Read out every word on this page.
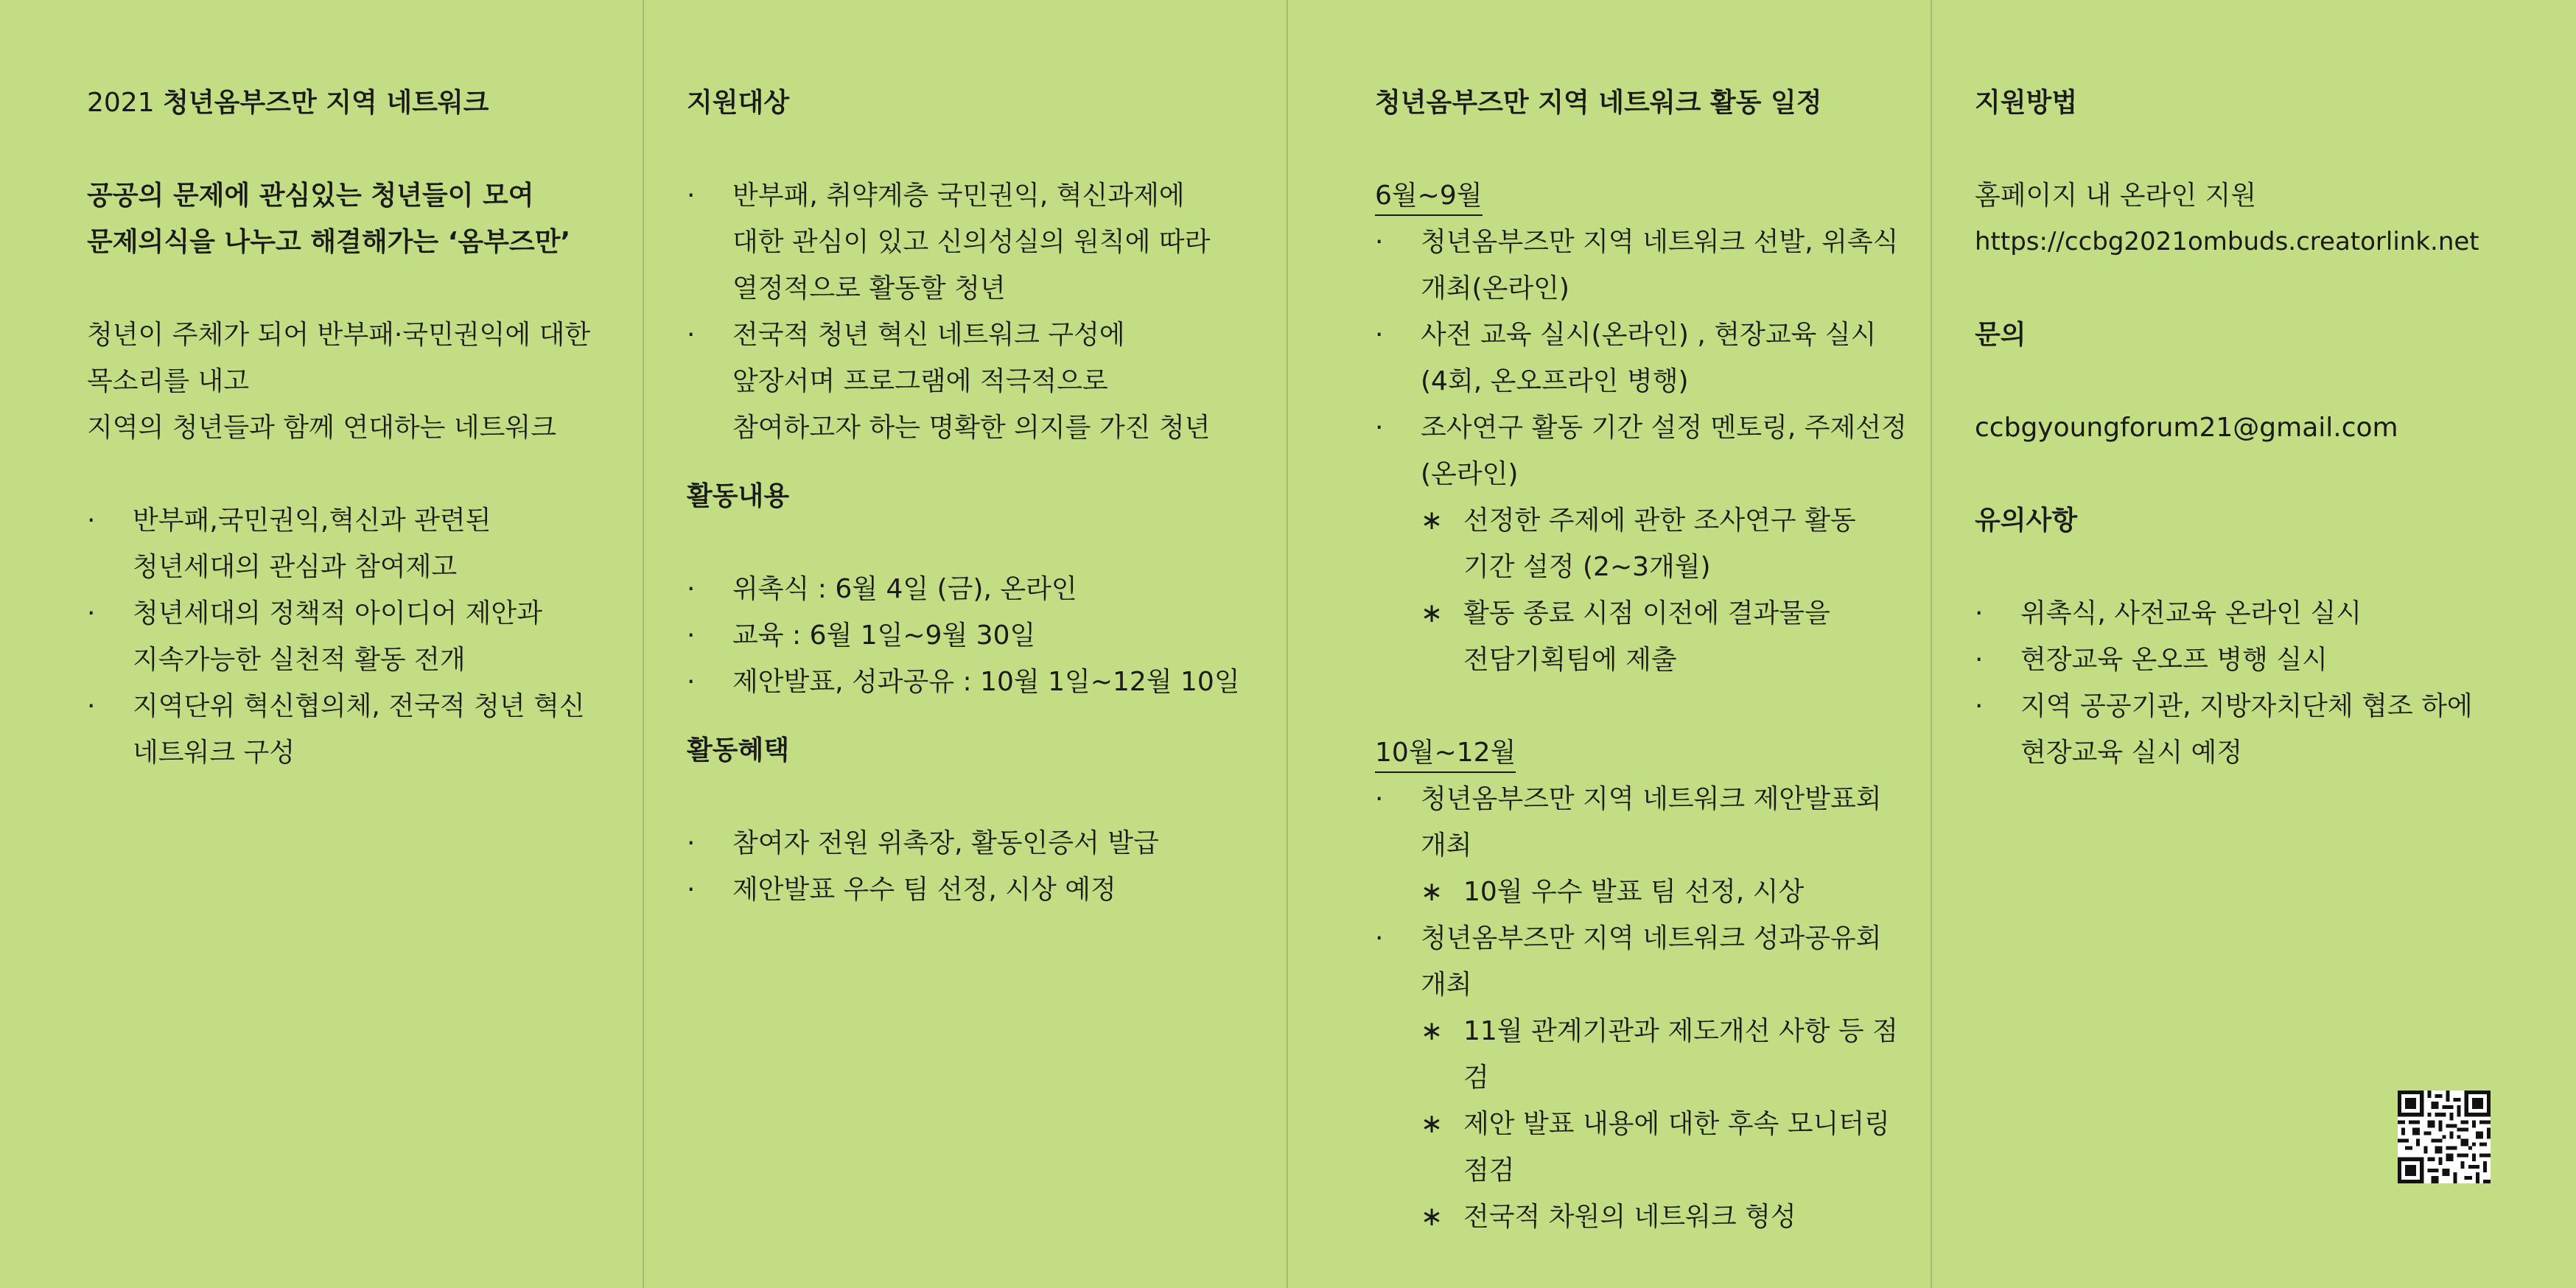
2021 청년옴부즈만 지역 네트워크

공공의 문제에 관심있는 청년들이 모여

문제의식을 나누고 해결해가는 ‘옴부즈만’

청년이 주체가 되어 반부패·국민권익에 대한

목소리를 내고

지역의 청년들과 함께 연대하는 네트워크

· 반부패,국민권익,혁신과 관련된

청년세대의 관심과 참여제고

· 청년세대의 정책적 아이디어 제안과

지속가능한 실천적 활동 전개

· 지역단위 혁신협의체, 전국적 청년 혁신

네트워크 구성

지원대상

· 반부패, 취약계층 국민권익, 혁신과제에

대한 관심이 있고 신의성실의 원칙에 따라

열정적으로 활동할 청년

· 전국적 청년 혁신 네트워크 구성에

앞장서며 프로그램에 적극적으로

참여하고자 하는 명확한 의지를 가진 청년

활동내용

· 위촉식 : 6월 4일 (금), 온라인

· 교육 : 6월 1일~9월 30일

· 제안발표, 성과공유 : 10월 1일~12월 10일

활동혜택

· 참여자 전원 위촉장, 활동인증서 발급

· 제안발표 우수 팀 선정, 시상 예정

청년옴부즈만 지역 네트워크 활동 일정

6월~9월

· 청년옴부즈만 지역 네트워크 선발, 위촉식

개최(온라인)

· 사전 교육 실시(온라인) , 현장교육 실시

(4회, 온오프라인 병행)

· 조사연구 활동 기간 설정 멘토링, 주제선정

(온라인)

∗ 선정한 주제에 관한 조사연구 활동

기간 설정 (2~3개월)

∗ 활동 종료 시점 이전에 결과물을

전담기획팀에 제출

10월~12월

· 청년옴부즈만 지역 네트워크 제안발표회

개최

∗ 10월 우수 발표 팀 선정, 시상

· 청년옴부즈만 지역 네트워크 성과공유회

개최

∗ 11월 관계기관과 제도개선 사항 등 점검

∗ 제안 발표 내용에 대한 후속 모니터링

점검

∗ 전국적 차원의 네트워크 형성

지원방법

홈페이지 내 온라인 지원

https://ccbg2021ombuds.creatorlink.net

문의

ccbgyoungforum21@gmail.com

유의사항

· 위촉식, 사전교육 온라인 실시

· 현장교육 온오프 병행 실시

· 지역 공공기관, 지방자치단체 협조 하에

현장교육 실시 예정
